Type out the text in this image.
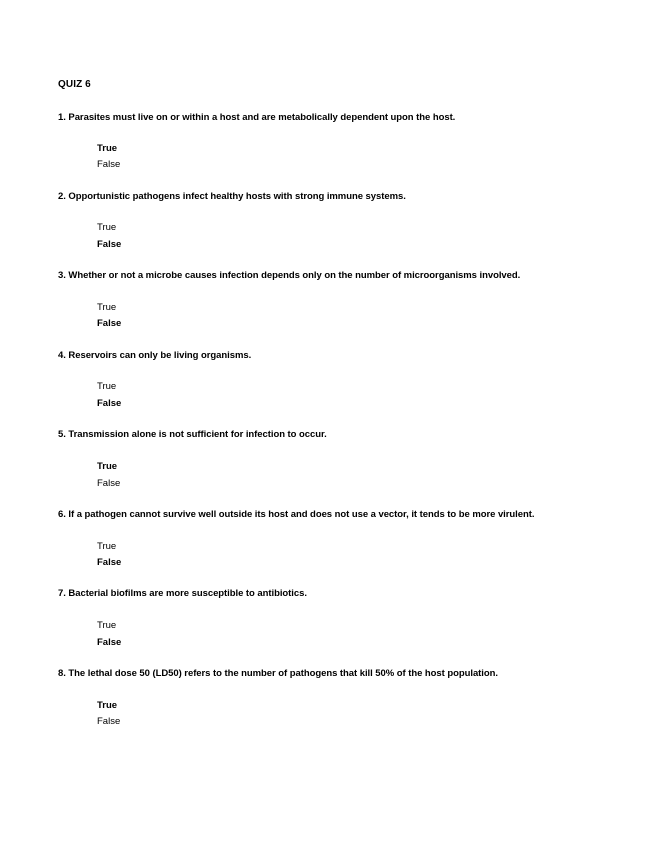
QUIZ 6
1. Parasites must live on or within a host and are metabolically dependent upon the host.
True
False
2. Opportunistic pathogens infect healthy hosts with strong immune systems.
True
False
3. Whether or not a microbe causes infection depends only on the number of microorganisms involved.
True
False
4. Reservoirs can only be living organisms.
True
False
5. Transmission alone is not sufficient for infection to occur.
True
False
6. If a pathogen cannot survive well outside its host and does not use a vector, it tends to be more virulent.
True
False
7. Bacterial biofilms are more susceptible to antibiotics.
True
False
8. The lethal dose 50 (LD50) refers to the number of pathogens that kill 50% of the host population.
True
False
